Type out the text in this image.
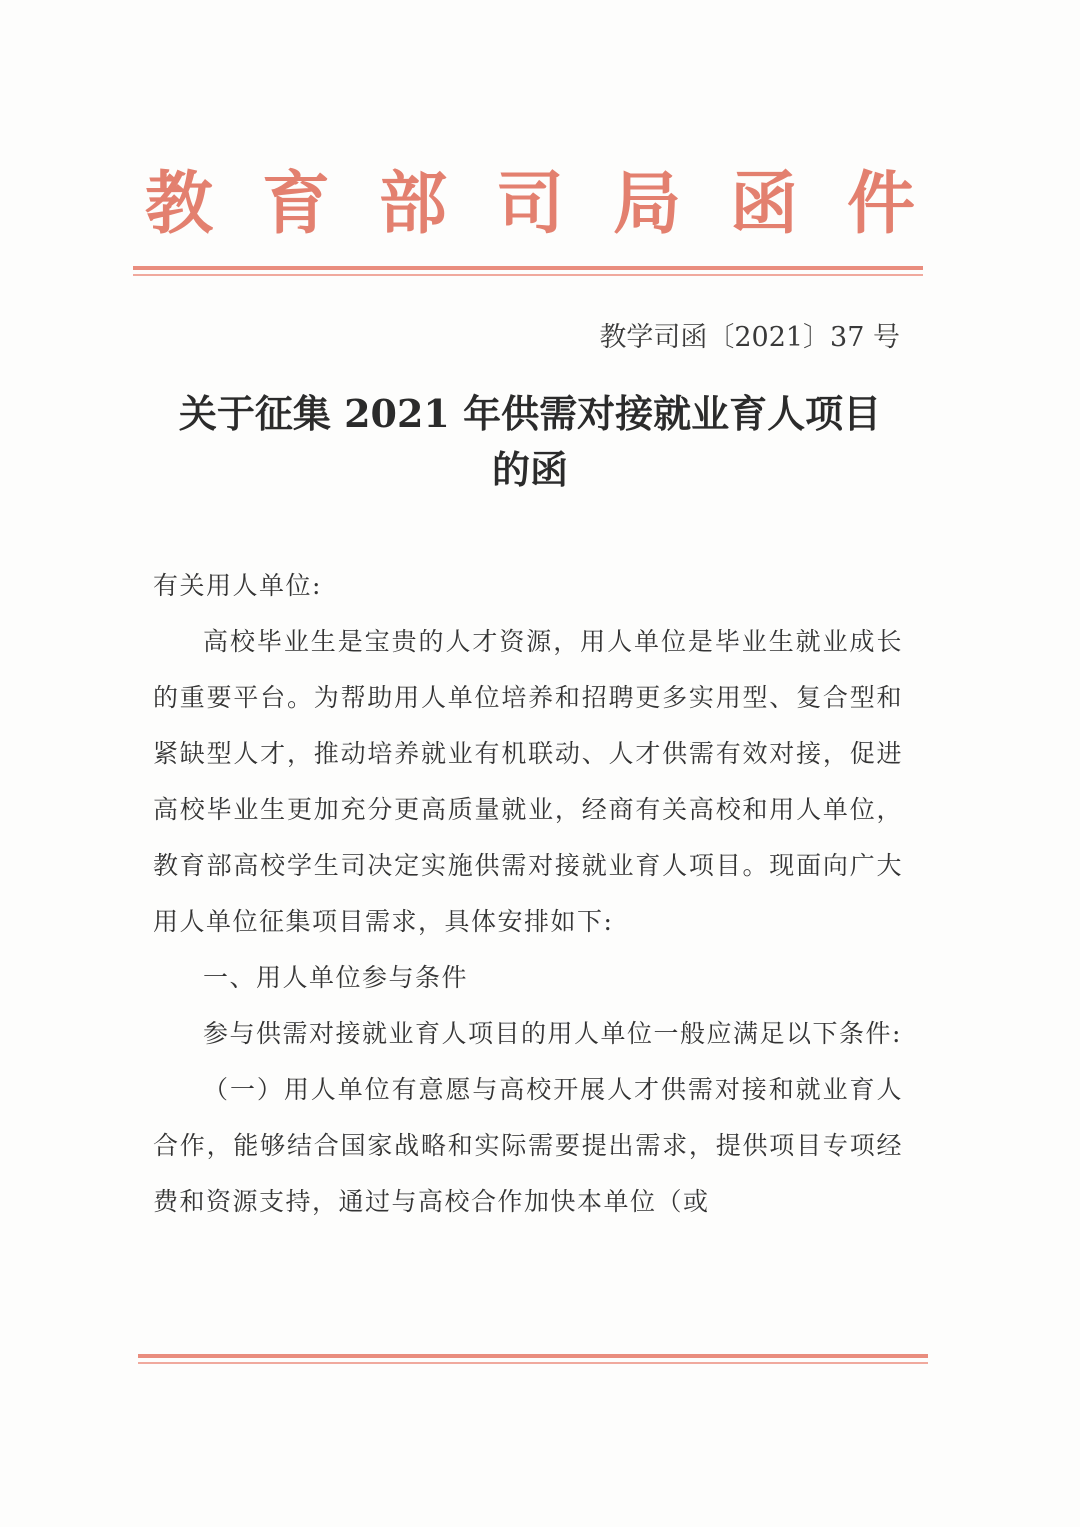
教 育 部 司 局 函 件
教学司函〔2021〕37 号
关于征集 2021 年供需对接就业育人项目
的函

有关用人单位:

高校毕业生是宝贵的人才资源，用人单位是毕业生就业成长的重要平台。为帮助用人单位培养和招聘更多实用型、复合型和紧缺型人才，推动培养就业有机联动、人才供需有效对接，促进高校毕业生更加充分更高质量就业，经商有关高校和用人单位，教育部高校学生司决定实施供需对接就业育人项目。现面向广大用人单位征集项目需求，具体安排如下:

一、用人单位参与条件

参与供需对接就业育人项目的用人单位一般应满足以下条件:

（一）用人单位有意愿与高校开展人才供需对接和就业育人合作，能够结合国家战略和实际需要提出需求，提供项目专项经费和资源支持，通过与高校合作加快本单位（或
